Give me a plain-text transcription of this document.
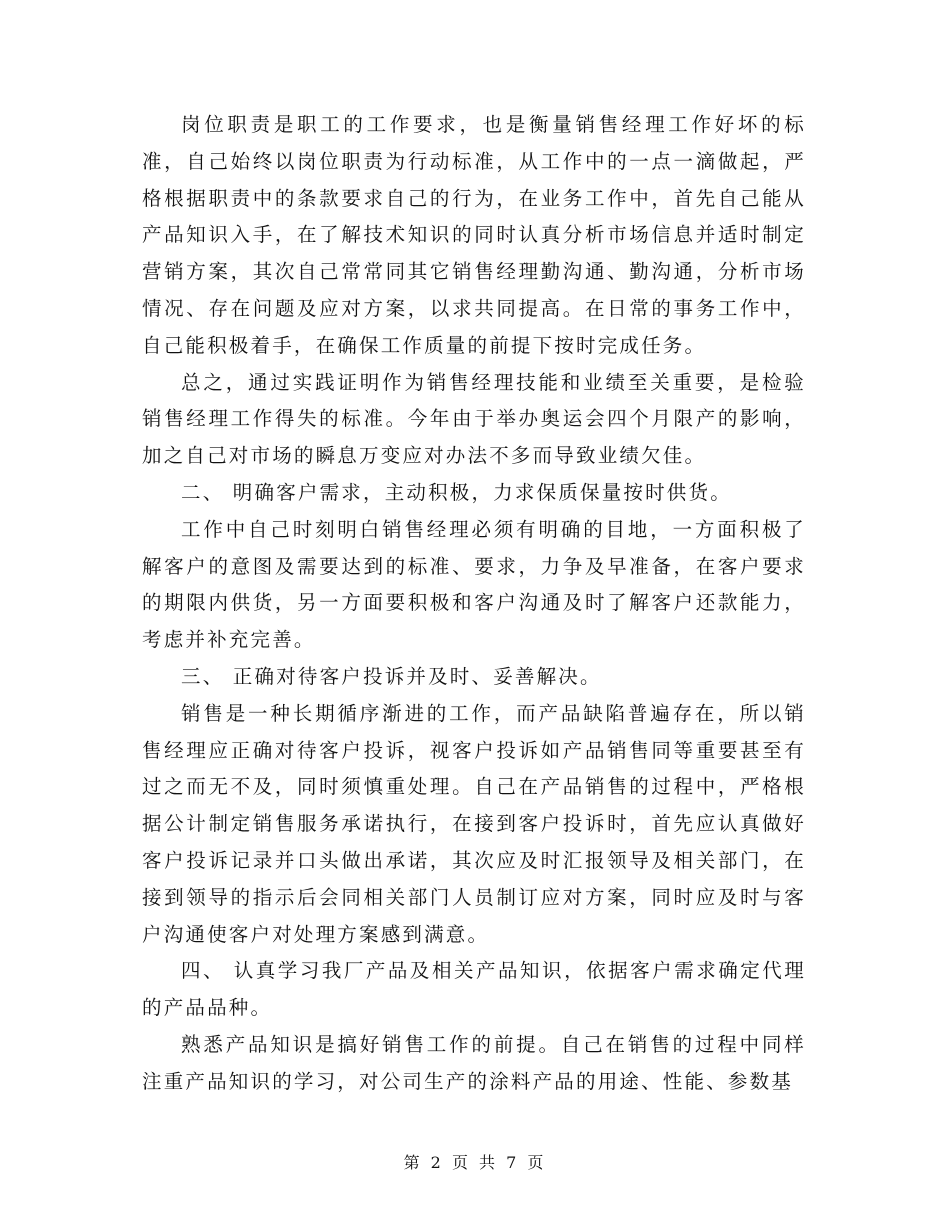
岗位职责是职工的工作要求，也是衡量销售经理工作好坏的标准，自己始终以岗位职责为行动标准，从工作中的一点一滴做起，严格根据职责中的条款要求自己的行为，在业务工作中，首先自己能从产品知识入手，在了解技术知识的同时认真分析市场信息并适时制定营销方案，其次自己常常同其它销售经理勤沟通、勤沟通，分析市场情况、存在问题及应对方案，以求共同提高。在日常的事务工作中，自己能积极着手，在确保工作质量的前提下按时完成任务。

总之，通过实践证明作为销售经理技能和业绩至关重要，是检验销售经理工作得失的标准。今年由于举办奥运会四个月限产的影响，加之自己对市场的瞬息万变应对办法不多而导致业绩欠佳。

二、 明确客户需求，主动积极，力求保质保量按时供货。

工作中自己时刻明白销售经理必须有明确的目地，一方面积极了解客户的意图及需要达到的标准、要求，力争及早准备，在客户要求的期限内供货，另一方面要积极和客户沟通及时了解客户还款能力，考虑并补充完善。

三、 正确对待客户投诉并及时、妥善解决。

销售是一种长期循序渐进的工作，而产品缺陷普遍存在，所以销售经理应正确对待客户投诉，视客户投诉如产品销售同等重要甚至有过之而无不及，同时须慎重处理。自己在产品销售的过程中，严格根据公计制定销售服务承诺执行，在接到客户投诉时，首先应认真做好客户投诉记录并口头做出承诺，其次应及时汇报领导及相关部门，在接到领导的指示后会同相关部门人员制订应对方案，同时应及时与客户沟通使客户对处理方案感到满意。

四、 认真学习我厂产品及相关产品知识，依据客户需求确定代理的产品品种。

熟悉产品知识是搞好销售工作的前提。自己在销售的过程中同样注重产品知识的学习，对公司生产的涂料产品的用途、性能、参数基

第 2 页 共 7 页
